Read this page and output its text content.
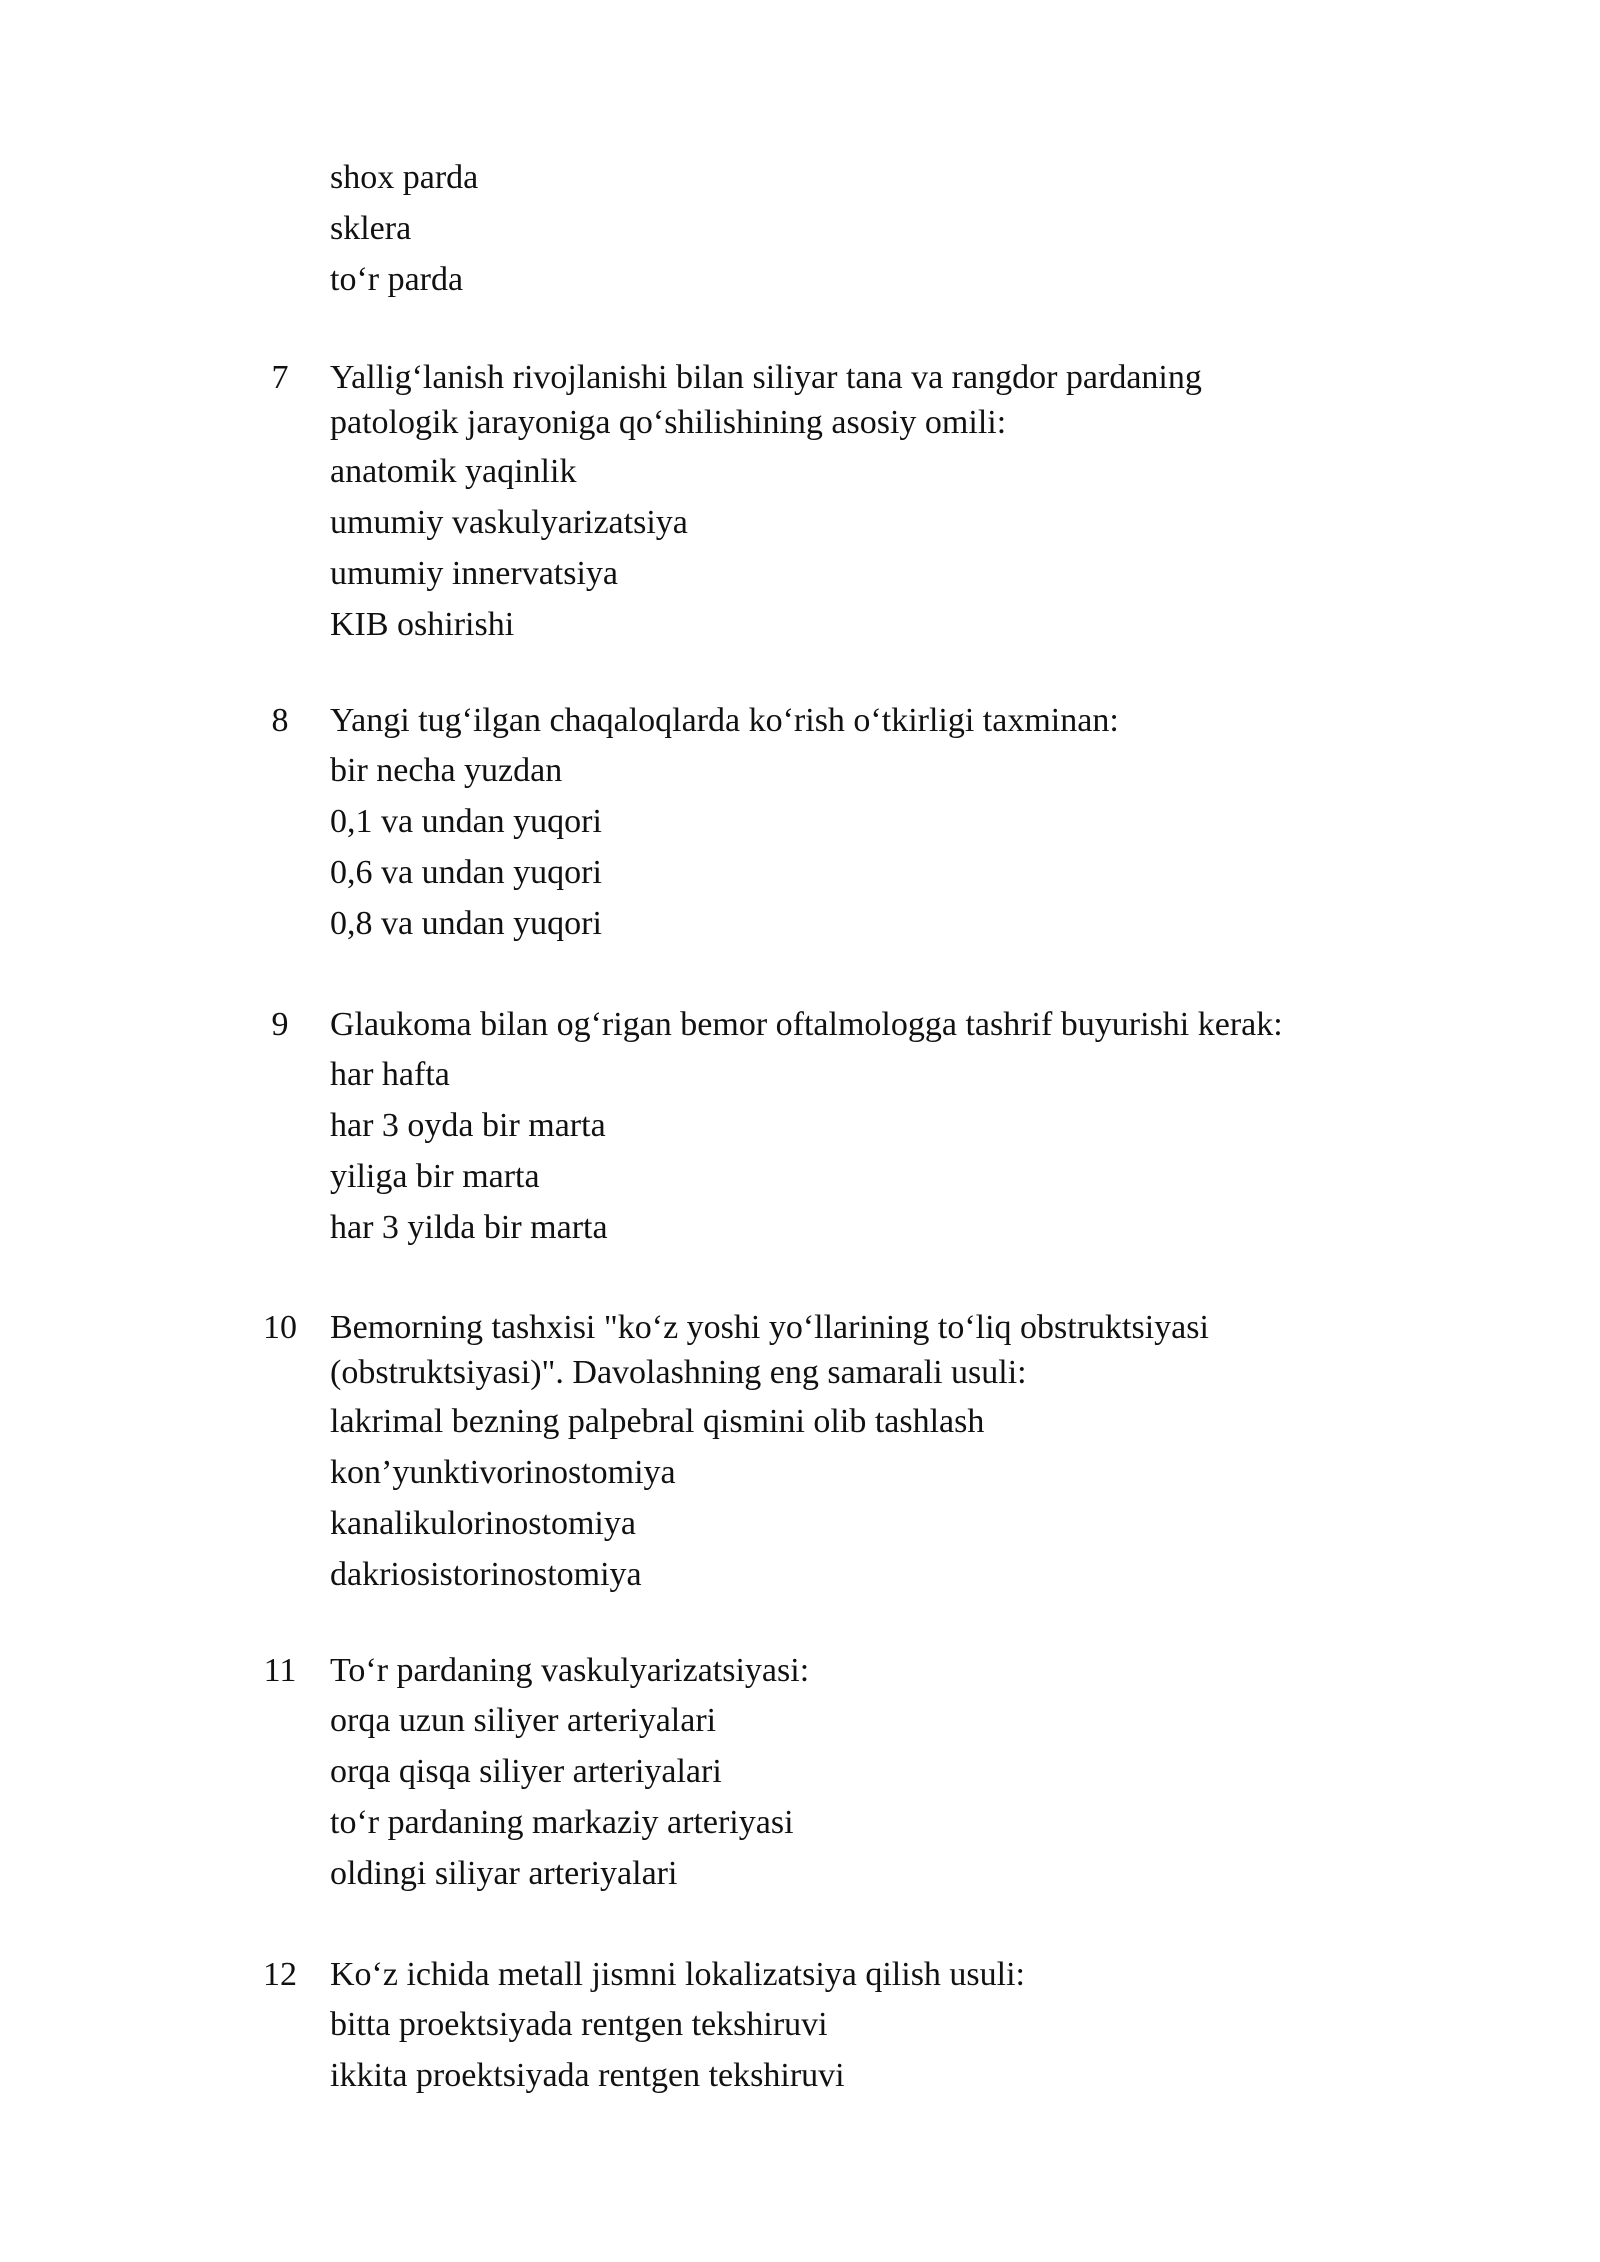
shox parda
sklera
to‘r parda
7	Yallig‘lanish rivojlanishi bilan siliyar tana va rangdor pardaning
patologik jarayoniga qo‘shilishining asosiy omili:
anatomik yaqinlik
umumiy vaskulyarizatsiya
umumiy innervatsiya
KIB oshirishi
8	Yangi tug‘ilgan chaqaloqlarda ko‘rish o‘tkirligi taxminan:
bir necha yuzdan
0,1 va undan yuqori
0,6 va undan yuqori
0,8 va undan yuqori
9	Glaukoma bilan og‘rigan bemor oftalmologga tashrif buyurishi kerak:
har hafta
har 3 oyda bir marta
yiliga bir marta
har 3 yilda bir marta
10 Bemorning tashxisi "ko‘z yoshi yo‘llarining to‘liq obstruktsiyasi
(obstruktsiyasi)". Davolashning eng samarali usuli:
lakrimal bezning palpebral qismini olib tashlash
kon’yunktivorinostomiya
kanalikulorinostomiya
dakriosistorinostomiya
11 To‘r pardaning vaskulyarizatsiyasi:
orqa uzun siliyer arteriyalari
orqa qisqa siliyer arteriyalari
to‘r pardaning markaziy arteriyasi
oldingi siliyar arteriyalari
12 Ko‘z ichida metall jismni lokalizatsiya qilish usuli:
bitta proektsiyada rentgen tekshiruvi
ikkita proektsiyada rentgen tekshiruvi
